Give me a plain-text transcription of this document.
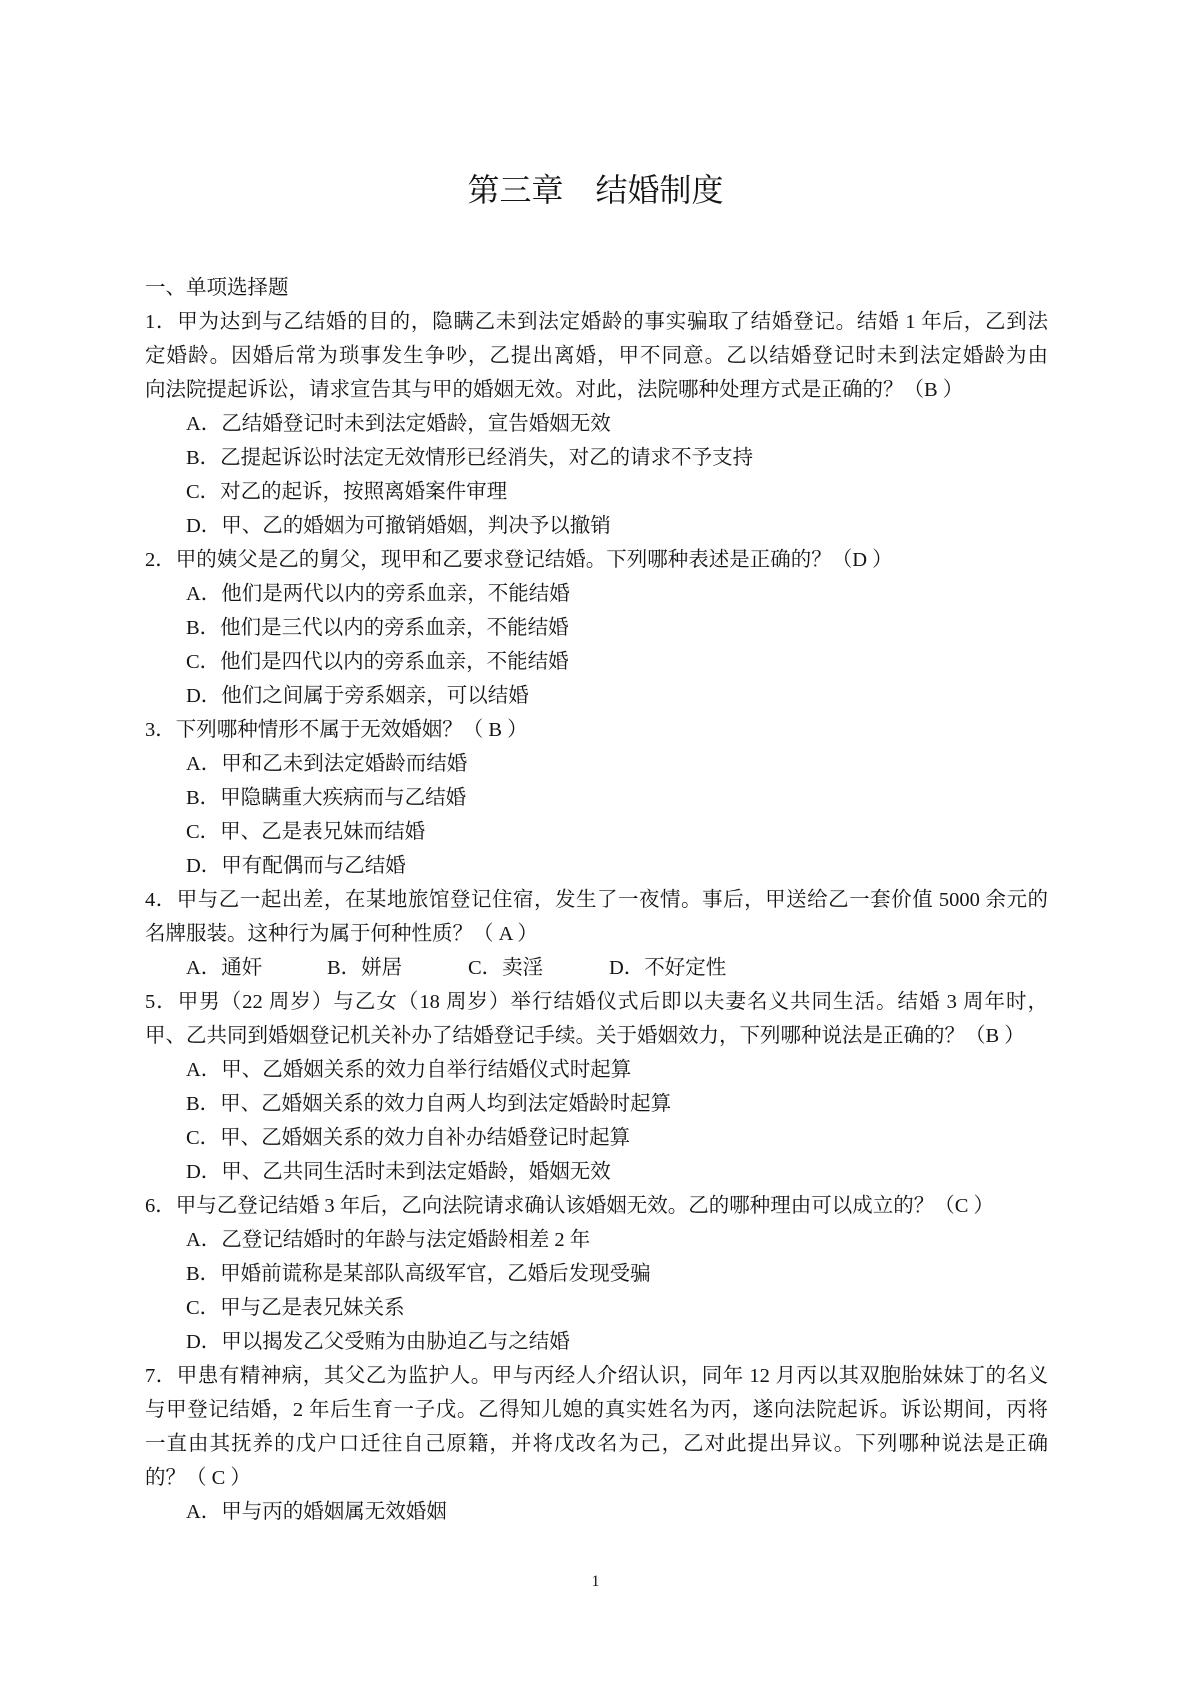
第三章　结婚制度
一、单项选择题
1．甲为达到与乙结婚的目的，隐瞒乙未到法定婚龄的事实骗取了结婚登记。结婚 1 年后，乙到法
定婚龄。因婚后常为琐事发生争吵，乙提出离婚，甲不同意。乙以结婚登记时未到法定婚龄为由
向法院提起诉讼，请求宣告其与甲的婚姻无效。对此，法院哪种处理方式是正确的？（B ）
A．乙结婚登记时未到法定婚龄，宣告婚姻无效
B．乙提起诉讼时法定无效情形已经消失，对乙的请求不予支持
C．对乙的起诉，按照离婚案件审理
D．甲、乙的婚姻为可撤销婚姻，判决予以撤销
2．甲的姨父是乙的舅父，现甲和乙要求登记结婚。下列哪种表述是正确的？（D ）
A．他们是两代以内的旁系血亲，不能结婚
B．他们是三代以内的旁系血亲，不能结婚
C．他们是四代以内的旁系血亲，不能结婚
D．他们之间属于旁系姻亲，可以结婚
3．下列哪种情形不属于无效婚姻？（ B ）
A．甲和乙未到法定婚龄而结婚
B．甲隐瞒重大疾病而与乙结婚
C．甲、乙是表兄妹而结婚
D．甲有配偶而与乙结婚
4．甲与乙一起出差，在某地旅馆登记住宿，发生了一夜情。事后，甲送给乙一套价值 5000 余元的
名牌服装。这种行为属于何种性质？（ A ）
A．通奸	B．姘居	C．卖淫	D．不好定性
5．甲男（22 周岁）与乙女（18 周岁）举行结婚仪式后即以夫妻名义共同生活。结婚 3 周年时，
甲、乙共同到婚姻登记机关补办了结婚登记手续。关于婚姻效力，下列哪种说法是正确的？（B ）
A．甲、乙婚姻关系的效力自举行结婚仪式时起算
B．甲、乙婚姻关系的效力自两人均到法定婚龄时起算
C．甲、乙婚姻关系的效力自补办结婚登记时起算
D．甲、乙共同生活时未到法定婚龄，婚姻无效
6．甲与乙登记结婚 3 年后，乙向法院请求确认该婚姻无效。乙的哪种理由可以成立的？（C ）
A．乙登记结婚时的年龄与法定婚龄相差 2 年
B．甲婚前谎称是某部队高级军官，乙婚后发现受骗
C．甲与乙是表兄妹关系
D．甲以揭发乙父受贿为由胁迫乙与之结婚
7．甲患有精神病，其父乙为监护人。甲与丙经人介绍认识，同年 12 月丙以其双胞胎妹妹丁的名义
与甲登记结婚，2 年后生育一子戊。乙得知儿媳的真实姓名为丙，遂向法院起诉。诉讼期间，丙将
一直由其抚养的戊户口迁往自己原籍，并将戊改名为己，乙对此提出异议。下列哪种说法是正确
的？（ C ）
A．甲与丙的婚姻属无效婚姻
1
